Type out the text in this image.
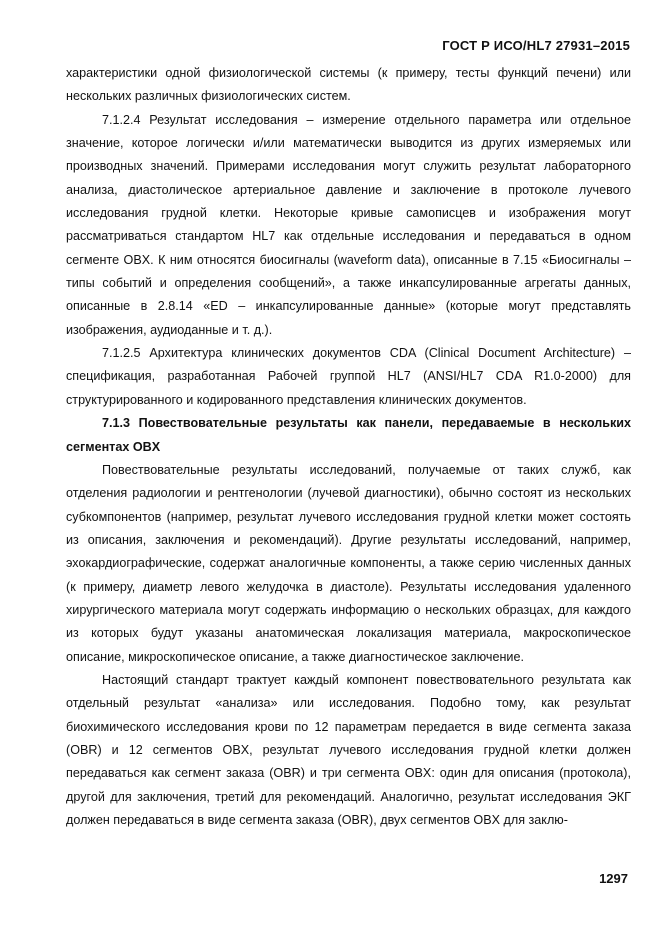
ГОСТ Р ИСО/HL7 27931–2015

характеристики одной физиологической системы (к примеру, тесты функций печени) или нескольких различных физиологических систем.

7.1.2.4 Результат исследования – измерение отдельного параметра или отдельное значение, которое логически и/или математически выводится из других измеряемых или производных значений. Примерами исследования могут служить результат лабораторного анализа, диастолическое артериальное давление и заключение в протоколе лучевого исследования грудной клетки. Некоторые кривые самописцев и изображения могут рассматриваться стандартом HL7 как отдельные исследования и передаваться в одном сегменте OBX. К ним относятся биосигналы (waveform data), описанные в 7.15 «Биосигналы – типы событий и определения сообщений», а также инкапсулированные агрегаты данных, описанные в 2.8.14 «ED – инкапсулированные данные» (которые могут представлять изображения, аудиоданные и т. д.).

7.1.2.5 Архитектура клинических документов CDA (Clinical Document Architecture) – спецификация, разработанная Рабочей группой HL7 (ANSI/HL7 CDA R1.0-2000) для структурированного и кодированного представления клинических документов.

7.1.3 Повествовательные результаты как панели, передаваемые в нескольких сегментах OBX

Повествовательные результаты исследований, получаемые от таких служб, как отделения радиологии и рентгенологии (лучевой диагностики), обычно состоят из нескольких субкомпонентов (например, результат лучевого исследования грудной клетки может состоять из описания, заключения и рекомендаций). Другие результаты исследований, например, эхокардиографические, содержат аналогичные компоненты, а также серию численных данных (к примеру, диаметр левого желудочка в диастоле). Результаты исследования удаленного хирургического материала могут содержать информацию о нескольких образцах, для каждого из которых будут указаны анатомическая локализация материала, макроскопическое описание, микроскопическое описание, а также диагностическое заключение.

Настоящий стандарт трактует каждый компонент повествовательного результата как отдельный результат «анализа» или исследования. Подобно тому, как результат биохимического исследования крови по 12 параметрам передается в виде сегмента заказа (OBR) и 12 сегментов OBX, результат лучевого исследования грудной клетки должен передаваться как сегмент заказа (OBR) и три сегмента OBX: один для описания (протокола), другой для заключения, третий для рекомендаций. Аналогично, результат исследования ЭКГ должен передаваться в виде сегмента заказа (OBR), двух сегментов OBX для заклю-

1297
